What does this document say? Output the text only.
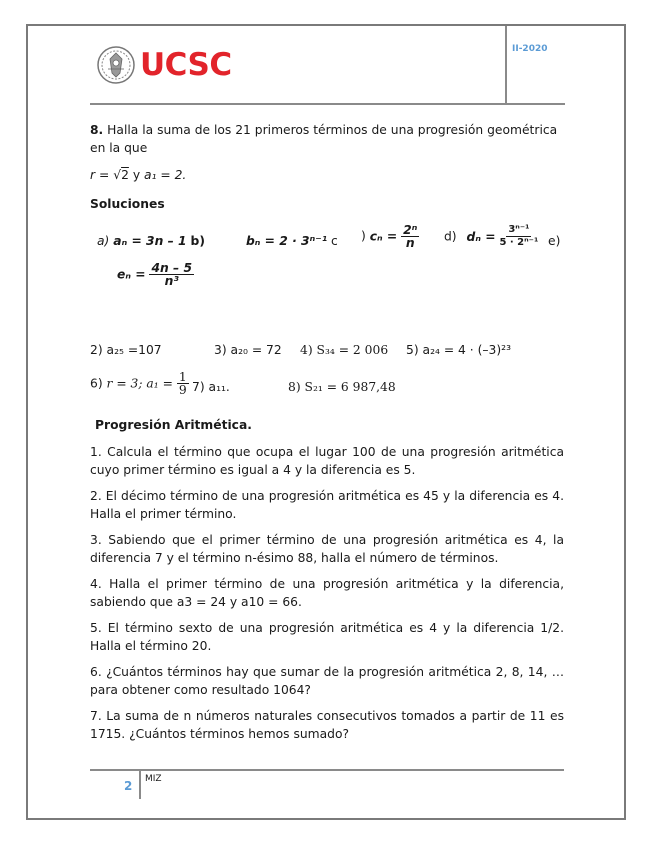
UCSC	II-2020
8. Halla la suma de los 21 primeros términos de una progresión geométrica en la que
r = √2 y a₁ = 2.
Soluciones
a) aₙ = 3n – 1 b)	bₙ = 2 · 3ⁿ⁻¹ c ) $c_n = \frac{\text{2ⁿ}}{n} d$) $d_n = \frac{\text{3ⁿ⁻¹}}{\text{5 · 2ⁿ⁻¹}} e$)
$e_n = \frac{4n - 5}{\text{n³}}$
2) a₂₅ =107	3) a₂₀ = 72 4) S₃₄ = 2 006 5) a₂₄ = 4 · (–3)²³
6) r = 3; $a_1 = \frac{1}{9} 7$) a₁₁.	8) S₂₁ = 6 987,48
Progresión Aritmética.
1. Calcula el término que ocupa el lugar 100 de una progresión aritmética cuyo primer término es igual a 4 y la diferencia es 5.
2. El décimo término de una progresión aritmética es 45 y la diferencia es 4. Halla el primer término.
3. Sabiendo que el primer término de una progresión aritmética es 4, la diferencia 7 y el término n-ésimo 88, halla el número de términos.
4. Halla el primer término de una progresión aritmética y la diferencia, sabiendo que a3 = 24 y a10 = 66.
5. El término sexto de una progresión aritmética es 4 y la diferencia 1/2. Halla el término 20.
6. ¿Cuántos términos hay que sumar de la progresión aritmética 2, 8, 14, … para obtener como resultado 1064?
7. La suma de n números naturales consecutivos tomados a partir de 11 es 1715. ¿Cuántos términos hemos sumado?
2 MIZ
